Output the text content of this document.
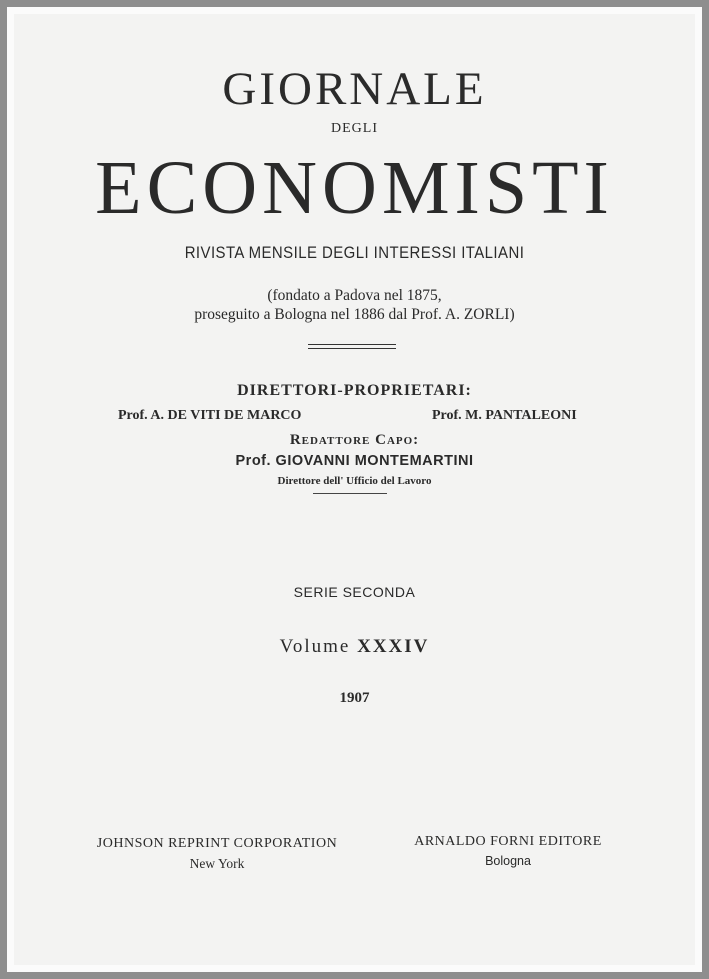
GIORNALE
DEGLI
ECONOMISTI
RIVISTA MENSILE DEGLI INTERESSI ITALIANI
(fondato a Padova nel 1875,
proseguito a Bologna nel 1886 dal Prof. A. ZORLI)
DIRETTORI-PROPRIETARI:
Prof. A. DE VITI DE MARCO	Prof. M. PANTALEONI
Redattore Capo:
Prof. GIOVANNI MONTEMARTINI
Direttore dell' Ufficio del Lavoro
SERIE SECONDA
Volume XXXIV
1907
JOHNSON REPRINT CORPORATION
New York
ARNALDO FORNI EDITORE
Bologna
